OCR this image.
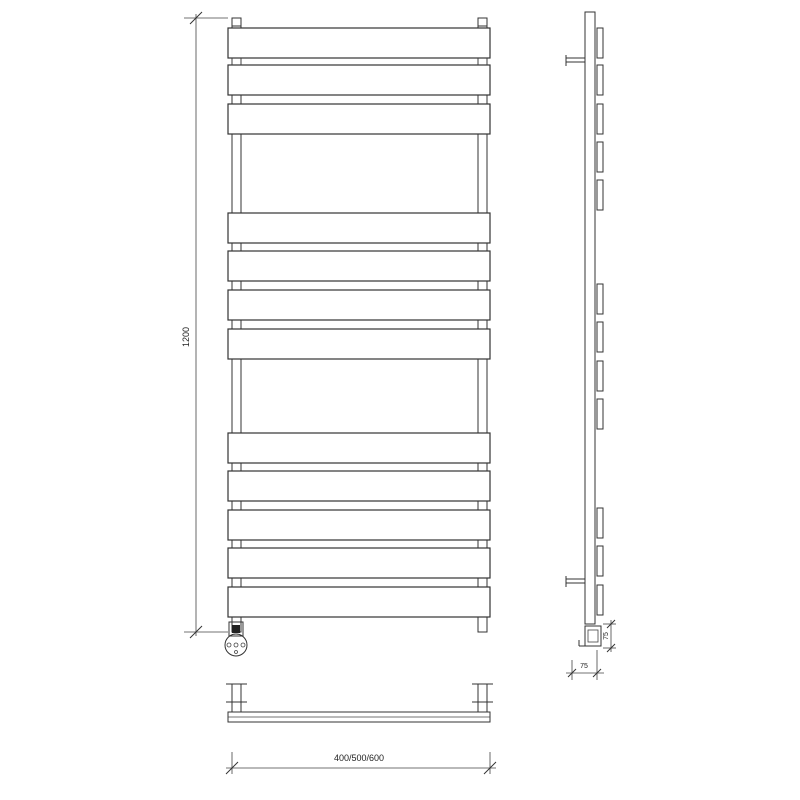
1200
400/500/600
75
75
